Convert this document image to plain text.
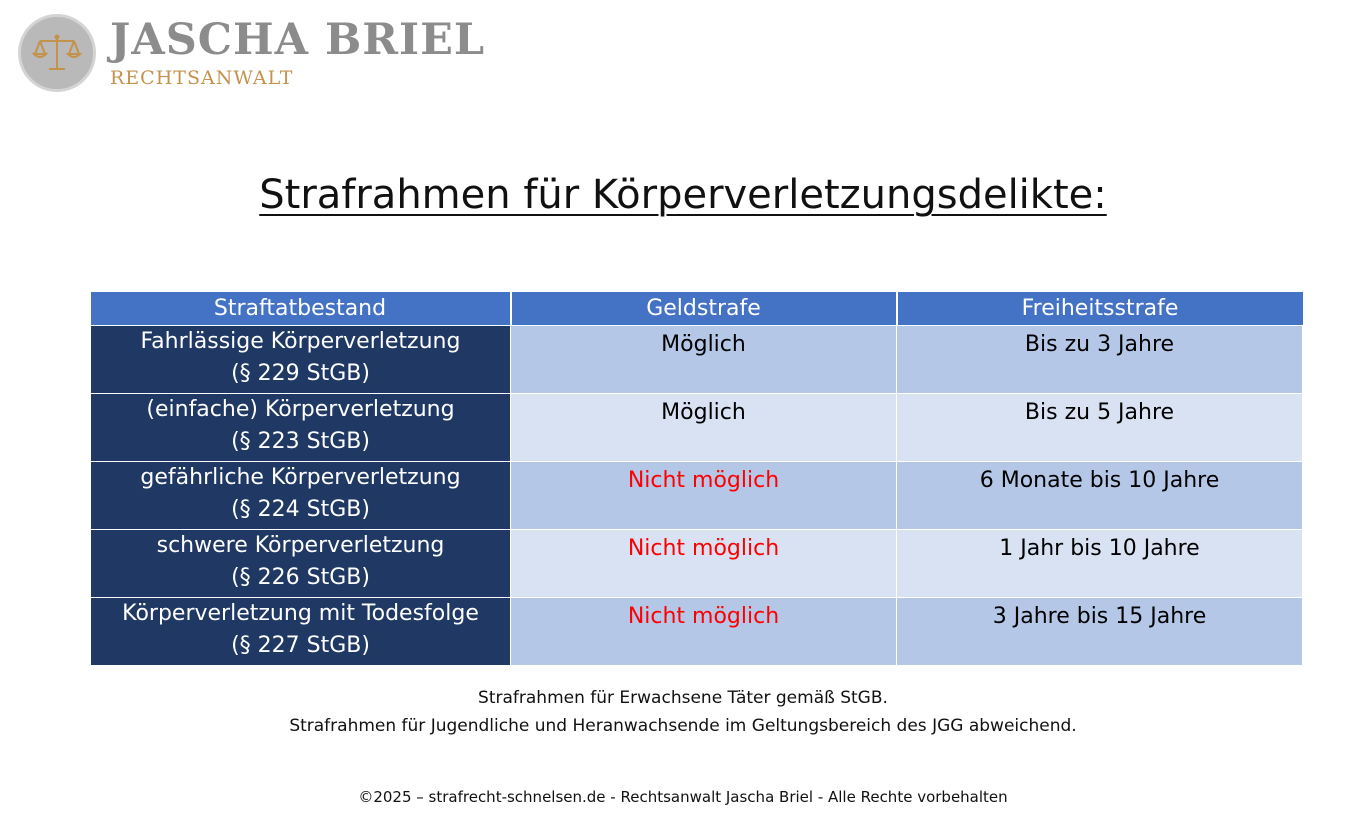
JASCHA BRIEL
RECHTSANWALT
Strafrahmen für Körperverletzungsdelikte:
Straftatbestand	Geldstrafe	Freiheitsstrafe

Fahrlässige Körperverletzung
(§ 229 StGB)	Möglich	Bis zu 3 Jahre

(einfache) Körperverletzung
(§ 223 StGB)	Möglich	Bis zu 5 Jahre

gefährliche Körperverletzung
(§ 224 StGB)	Nicht möglich	6 Monate bis 10 Jahre

schwere Körperverletzung
(§ 226 StGB)	Nicht möglich	1 Jahr bis 10 Jahre

Körperverletzung mit Todesfolge
(§ 227 StGB)	Nicht möglich	3 Jahre bis 15 Jahre
Strafrahmen für Erwachsene Täter gemäß StGB.
Strafrahmen für Jugendliche und Heranwachsende im Geltungsbereich des JGG abweichend.
©2025 – strafrecht-schnelsen.de - Rechtsanwalt Jascha Briel - Alle Rechte vorbehalten
